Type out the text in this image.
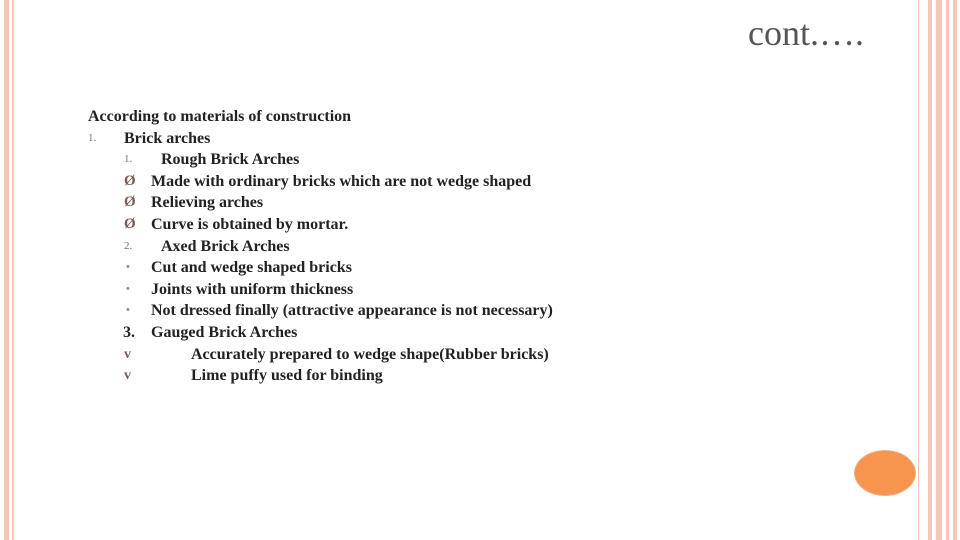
cont.….
According to materials of construction
1. Brick arches
1. Rough Brick Arches
Ø Made with ordinary bricks which are not wedge shaped
Ø Relieving arches
Ø Curve is obtained by mortar.
2. Axed Brick Arches
• Cut and wedge shaped bricks
• Joints with uniform thickness
• Not dressed finally (attractive appearance is not necessary)
3. Gauged Brick Arches
v	Accurately prepared to wedge shape(Rubber bricks)
v	Lime puffy used for binding
